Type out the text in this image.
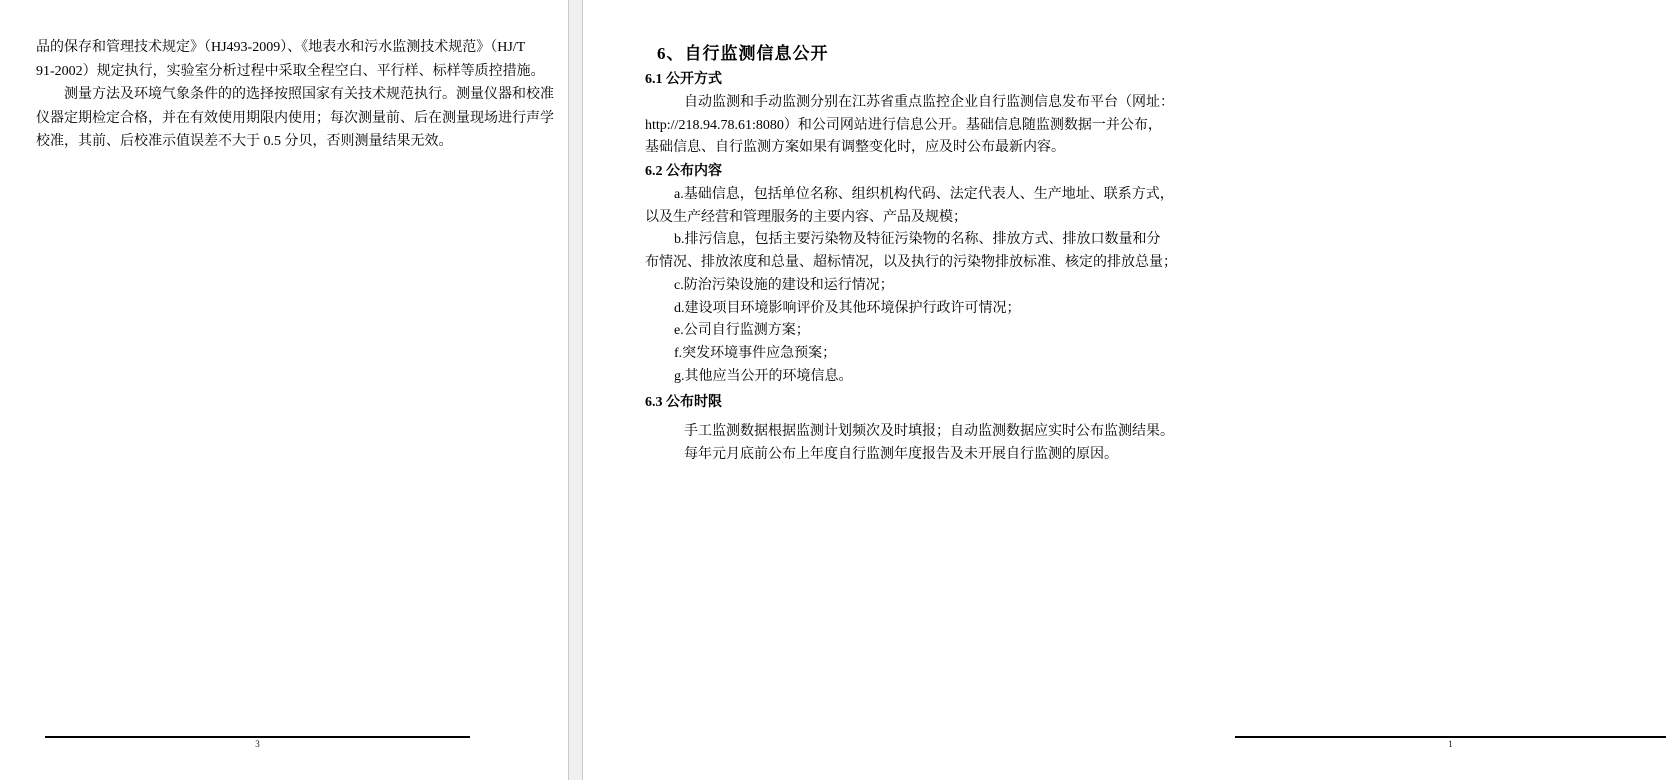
品的保存和管理技术规定》（HJ493-2009）、《地表水和污水监测技术规范》（HJ/T
91-2002）规定执行，实验室分析过程中采取全程空白、平行样、标样等质控措施。
测量方法及环境气象条件的的选择按照国家有关技术规范执行。测量仪器和校准
仪器定期检定合格，并在有效使用期限内使用；每次测量前、后在测量现场进行声学
校准，其前、后校准示值误差不大于 0.5 分贝，否则测量结果无效。
3
6、自行监测信息公开
6.1 公开方式
自动监测和手动监测分别在江苏省重点监控企业自行监测信息发布平台（网址：
http://218.94.78.61:8080）和公司网站进行信息公开。基础信息随监测数据一并公布，
基础信息、自行监测方案如果有调整变化时，应及时公布最新内容。
6.2 公布内容
a.基础信息，包括单位名称、组织机构代码、法定代表人、生产地址、联系方式，
以及生产经营和管理服务的主要内容、产品及规模；
b.排污信息，包括主要污染物及特征污染物的名称、排放方式、排放口数量和分
布情况、排放浓度和总量、超标情况，以及执行的污染物排放标准、核定的排放总量；
c.防治污染设施的建设和运行情况；
d.建设项目环境影响评价及其他环境保护行政许可情况；
e.公司自行监测方案；
f.突发环境事件应急预案；
g.其他应当公开的环境信息。
6.3 公布时限
手工监测数据根据监测计划频次及时填报；自动监测数据应实时公布监测结果。
每年元月底前公布上年度自行监测年度报告及未开展自行监测的原因。
1
